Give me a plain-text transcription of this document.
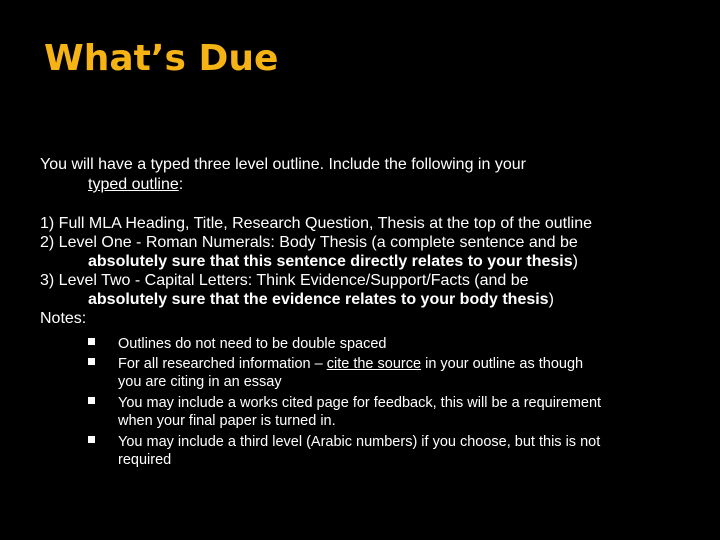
What’s Due
You will have a typed three level outline. Include the following in your
typed outline:
1) Full MLA Heading, Title, Research Question, Thesis at the top of the outline
2) Level One - Roman Numerals: Body Thesis (a complete sentence and be
absolutely sure that this sentence directly relates to your thesis)
3) Level Two - Capital Letters: Think Evidence/Support/Facts (and be
absolutely sure that the evidence relates to your body thesis)
Notes:
Outlines do not need to be double spaced
For all researched information – cite the source in your outline as though
you are citing in an essay
You may include a works cited page for feedback, this will be a requirement
when your final paper is turned in.
You may include a third level (Arabic numbers) if you choose, but this is not
required
